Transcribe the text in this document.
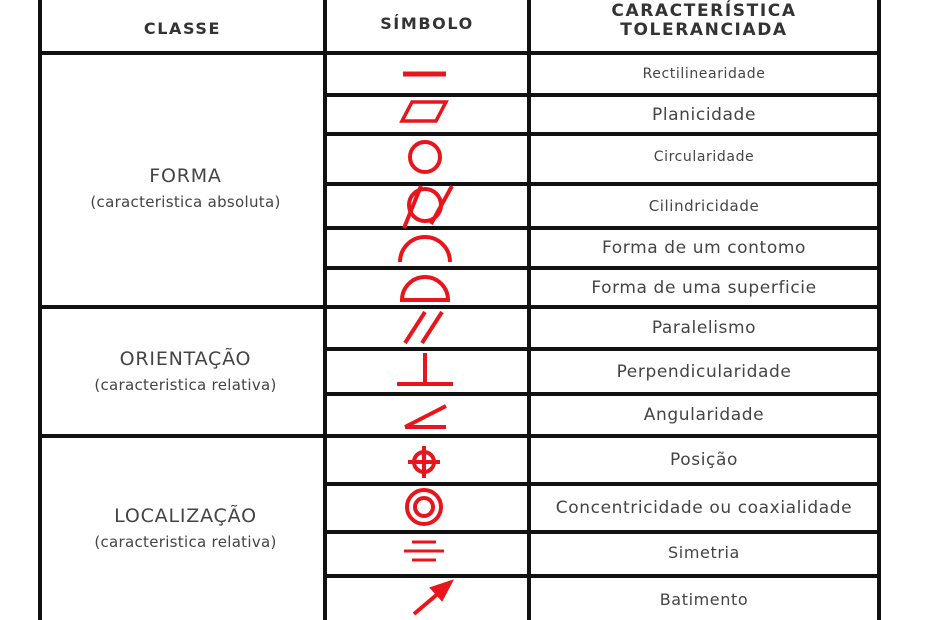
CLASSE	SÍMBOLO
CARACTERÍSTICA
TOLERANCIADA
FORMA
(caracteristica absoluta)
ORIENTAÇÃO
(caracteristica relativa)
LOCALIZAÇÃO
(caracteristica relativa)
Rectilinearidade
Planicidade
Circularidade
Cilindricidade
Forma de um contomo
Forma de uma superficie
Paralelismo
Perpendicularidade
Angularidade
Posição
Concentricidade ou coaxialidade
Simetria
Batimento
